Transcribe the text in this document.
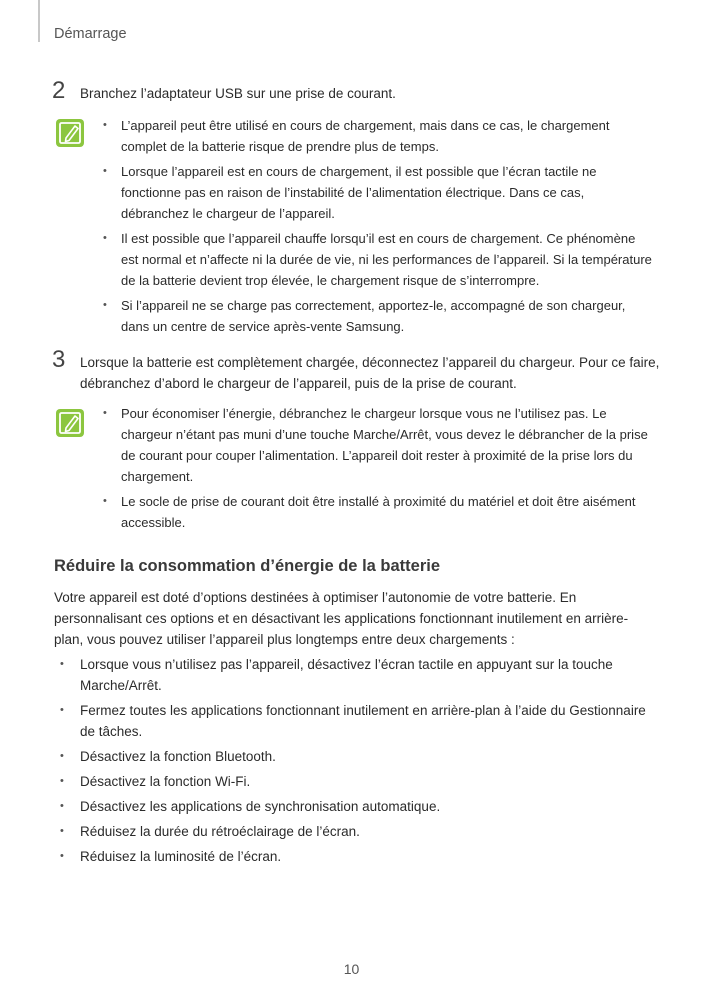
Démarrage
2 Branchez l’adaptateur USB sur une prise de courant.
• L’appareil peut être utilisé en cours de chargement, mais dans ce cas, le chargement complet de la batterie risque de prendre plus de temps.
• Lorsque l’appareil est en cours de chargement, il est possible que l’écran tactile ne fonctionne pas en raison de l’instabilité de l’alimentation électrique. Dans ce cas, débranchez le chargeur de l’appareil.
• Il est possible que l’appareil chauffe lorsqu’il est en cours de chargement. Ce phénomène est normal et n’affecte ni la durée de vie, ni les performances de l’appareil. Si la température de la batterie devient trop élevée, le chargement risque de s’interrompre.
• Si l’appareil ne se charge pas correctement, apportez-le, accompagné de son chargeur, dans un centre de service après-vente Samsung.
3 Lorsque la batterie est complètement chargée, déconnectez l’appareil du chargeur. Pour ce faire, débranchez d’abord le chargeur de l’appareil, puis de la prise de courant.
• Pour économiser l’énergie, débranchez le chargeur lorsque vous ne l’utilisez pas. Le chargeur n’étant pas muni d’une touche Marche/Arrêt, vous devez le débrancher de la prise de courant pour couper l’alimentation. L’appareil doit rester à proximité de la prise lors du chargement.
• Le socle de prise de courant doit être installé à proximité du matériel et doit être aisément accessible.
Réduire la consommation d’énergie de la batterie
Votre appareil est doté d’options destinées à optimiser l’autonomie de votre batterie. En personnalisant ces options et en désactivant les applications fonctionnant inutilement en arrière-plan, vous pouvez utiliser l’appareil plus longtemps entre deux chargements :
• Lorsque vous n’utilisez pas l’appareil, désactivez l’écran tactile en appuyant sur la touche Marche/Arrêt.
• Fermez toutes les applications fonctionnant inutilement en arrière-plan à l’aide du Gestionnaire de tâches.
• Désactivez la fonction Bluetooth.
• Désactivez la fonction Wi-Fi.
• Désactivez les applications de synchronisation automatique.
• Réduisez la durée du rétroéclairage de l’écran.
• Réduisez la luminosité de l’écran.
10
